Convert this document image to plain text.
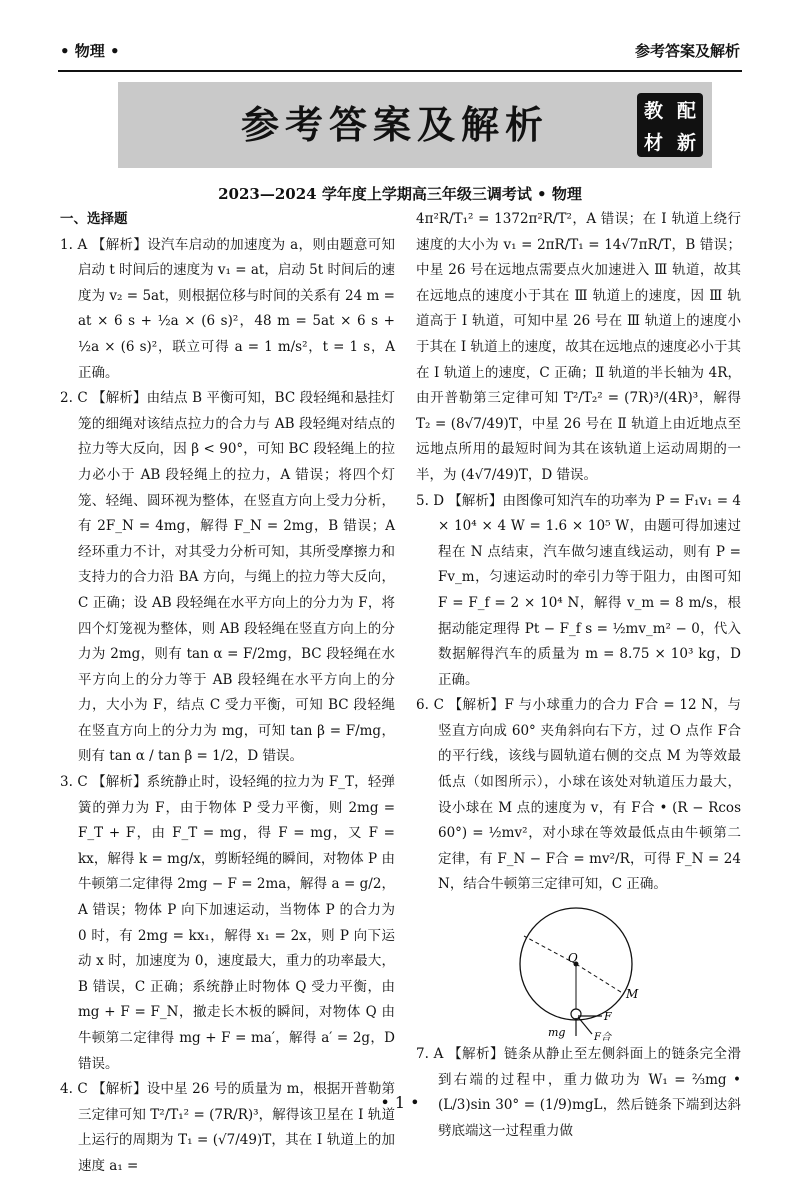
• 物理 •	参考答案及解析
参考答案及解析	教 配
材 新
2023—2024 学年度上学期高三年级三调考试 • 物理

一、选择题

1. A 【解析】设汽车启动的加速度为 a，则由题意可知启动 t 时间后的速度为 v₁ = at，启动 5t 时间后的速度为 v₂ = 5at，则根据位移与时间的关系有 24 m = at × 6 s + ½a × (6 s)²，48 m = 5at × 6 s + ½a × (6 s)²，联立可得 a = 1 m/s²，t = 1 s，A 正确。

2. C 【解析】由结点 B 平衡可知，BC 段轻绳和悬挂灯笼的细绳对该结点拉力的合力与 AB 段轻绳对结点的拉力等大反向，因 β < 90°，可知 BC 段轻绳上的拉力必小于 AB 段轻绳上的拉力，A 错误；将四个灯笼、轻绳、圆环视为整体，在竖直方向上受力分析，有 2F_N = 4mg，解得 F_N = 2mg，B 错误；A 经环重力不计，对其受力分析可知，其所受摩擦力和支持力的合力沿 BA 方向，与绳上的拉力等大反向，C 正确；设 AB 段轻绳在水平方向上的分力为 F，将四个灯笼视为整体，则 AB 段轻绳在竖直方向上的分力为 2mg，则有 tan α = F/2mg，BC 段轻绳在水平方向上的分力等于 AB 段轻绳在水平方向上的分力，大小为 F，结点 C 受力平衡，可知 BC 段轻绳在竖直方向上的分力为 mg，可知 tan β = F/mg，则有 tan α / tan β = 1/2，D 错误。

3. C 【解析】系统静止时，设轻绳的拉力为 F_T，轻弹簧的弹力为 F，由于物体 P 受力平衡，则 2mg = F_T + F，由 F_T = mg，得 F = mg，又 F = kx，解得 k = mg/x，剪断轻绳的瞬间，对物体 P 由牛顿第二定律得 2mg − F = 2ma，解得 a = g/2，A 错误；物体 P 向下加速运动，当物体 P 的合力为 0 时，有 2mg = kx₁，解得 x₁ = 2x，则 P 向下运动 x 时，加速度为 0，速度最大，重力的功率最大，B 错误，C 正确；系统静止时物体 Q 受力平衡，由 mg + F = F_N，撤走长木板的瞬间，对物体 Q 由牛顿第二定律得 mg + F = ma′，解得 a′ = 2g，D 错误。

4. C 【解析】设中星 26 号的质量为 m，根据开普勒第三定律可知 T²/T₁² = (7R/R)³，解得该卫星在 Ⅰ 轨道上运行的周期为 T₁ = (√7/49)T，其在 Ⅰ 轨道上的加速度 a₁ =

4π²R/T₁² = 1372π²R/T²，A 错误；在 Ⅰ 轨道上绕行速度的大小为 v₁ = 2πR/T₁ = 14√7πR/T，B 错误；中星 26 号在远地点需要点火加速进入 Ⅲ 轨道，故其在远地点的速度小于其在 Ⅲ 轨道上的速度，因 Ⅲ 轨道高于 Ⅰ 轨道，可知中星 26 号在 Ⅲ 轨道上的速度小于其在 Ⅰ 轨道上的速度，故其在远地点的速度必小于其在 Ⅰ 轨道上的速度，C 正确；Ⅱ 轨道的半长轴为 4R，由开普勒第三定律可知 T²/T₂² = (7R)³/(4R)³，解得 T₂ = (8√7/49)T，中星 26 号在 Ⅱ 轨道上由近地点至远地点所用的最短时间为其在该轨道上运动周期的一半，为 (4√7/49)T，D 错误。

5. D 【解析】由图像可知汽车的功率为 P = F₁v₁ = 4 × 10⁴ × 4 W = 1.6 × 10⁵ W，由题可得加速过程在 N 点结束，汽车做匀速直线运动，则有 P = Fv_m，匀速运动时的牵引力等于阻力，由图可知 F = F_f = 2 × 10⁴ N，解得 v_m = 8 m/s，根据动能定理得 Pt − F_f s = ½mv_m² − 0，代入数据解得汽车的质量为 m = 8.75 × 10³ kg，D 正确。

6. C 【解析】F 与小球重力的合力 F合 = 12 N，与竖直方向成 60° 夹角斜向右下方，过 O 点作 F合 的平行线，该线与圆轨道右侧的交点 M 为等效最低点（如图所示），小球在该处对轨道压力最大，设小球在 M 点的速度为 v，有 F合 • (R − Rcos 60°) = ½mv²，对小球在等效最低点由牛顿第二定律，有 F_N − F合 = mv²/R，可得 F_N = 24 N，结合牛顿第三定律可知，C 正确。

O
M
mg
F
F合

7. A 【解析】链条从静止至左侧斜面上的链条完全滑到右端的过程中，重力做功为 W₁ = ⅔mg • (L/3)sin 30° = (1/9)mgL，然后链条下端到达斜劈底端这一过程重力做

• 1 •
